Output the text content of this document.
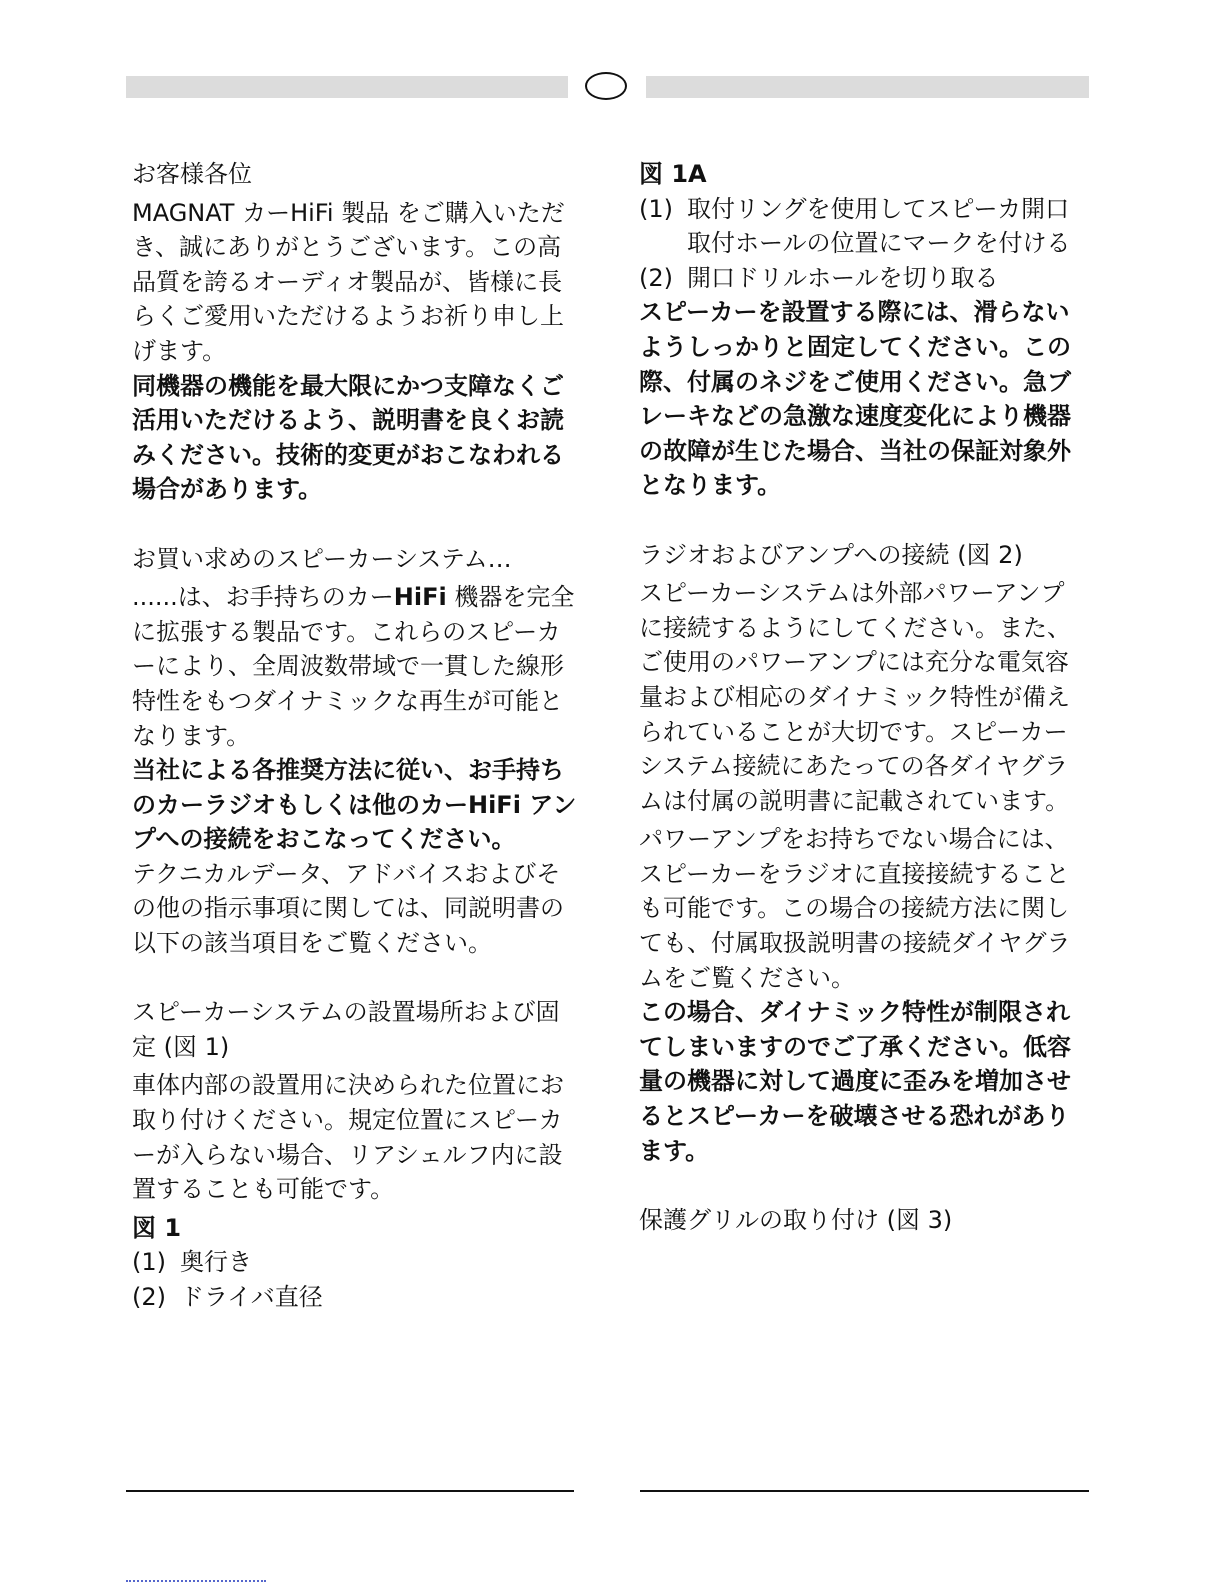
お客様各位

MAGNAT カーHiFi 製品 をご購入いただき、誠にありがとうございます。この高品質を誇るオーディオ製品が、皆様に長らくご愛用いただけるようお祈り申し上げます。

同機器の機能を最大限にかつ支障なくご活用いただけるよう、説明書を良くお読みください。技術的変更がおこなわれる場合があります。

お買い求めのスピーカーシステム…

......は、お手持ちのカーHiFi 機器を完全に拡張する製品です。これらのスピーカーにより、全周波数帯域で一貫した線形特性をもつダイナミックな再生が可能となります。

当社による各推奨方法に従い、お手持ちのカーラジオもしくは他のカーHiFi アンプへの接続をおこなってください。

テクニカルデータ、アドバイスおよびその他の指示事項に関しては、同説明書の以下の該当項目をご覧ください。

スピーカーシステムの設置場所および固定 (図 1)

車体内部の設置用に決められた位置にお取り付けください。規定位置にスピーカーが入らない場合、リアシェルフ内に設置することも可能です。

図 1

(1) 奥行き
(2) ドライバ直径

図 1A

(1) 取付リングを使用してスピーカ開口取付ホールの位置にマークを付ける
(2) 開口ドリルホールを切り取る

スピーカーを設置する際には、滑らないようしっかりと固定してください。この際、付属のネジをご使用ください。急ブレーキなどの急激な速度変化により機器の故障が生じた場合、当社の保証対象外となります。

ラジオおよびアンプへの接続 (図 2)

スピーカーシステムは外部パワーアンプに接続するようにしてください。また、ご使用のパワーアンプには充分な電気容量および相応のダイナミック特性が備えられていることが大切です。スピーカーシステム接続にあたっての各ダイヤグラムは付属の説明書に記載されています。

パワーアンプをお持ちでない場合には、スピーカーをラジオに直接接続することも可能です。この場合の接続方法に関しても、付属取扱説明書の接続ダイヤグラムをご覧ください。

この場合、ダイナミック特性が制限されてしまいますのでご了承ください。低容量の機器に対して過度に歪みを増加させるとスピーカーを破壊させる恐れがあります。

保護グリルの取り付け (図 3)
